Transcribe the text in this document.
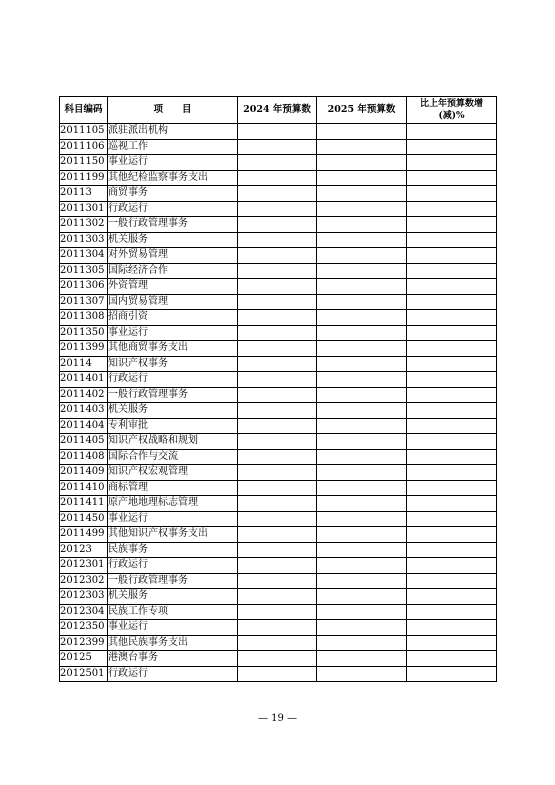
科目编码	项　　目	2024 年预算数	2025 年预算数	比上年预算数增(减)%
2011105	派驻派出机构			
2011106	巡视工作			
2011150	事业运行			
2011199	其他纪检监察事务支出			
20113	商贸事务			
2011301	行政运行			
2011302	一般行政管理事务			
2011303	机关服务			
2011304	对外贸易管理			
2011305	国际经济合作			
2011306	外资管理			
2011307	国内贸易管理			
2011308	招商引资			
2011350	事业运行			
2011399	其他商贸事务支出			
20114	知识产权事务			
2011401	行政运行			
2011402	一般行政管理事务			
2011403	机关服务			
2011404	专利审批			
2011405	知识产权战略和规划			
2011408	国际合作与交流			
2011409	知识产权宏观管理			
2011410	商标管理			
2011411	原产地地理标志管理			
2011450	事业运行			
2011499	其他知识产权事务支出			
20123	民族事务			
2012301	行政运行			
2012302	一般行政管理事务			
2012303	机关服务			
2012304	民族工作专项			
2012350	事业运行			
2012399	其他民族事务支出			
20125	港澳台事务			
2012501	行政运行			
— 19 —
